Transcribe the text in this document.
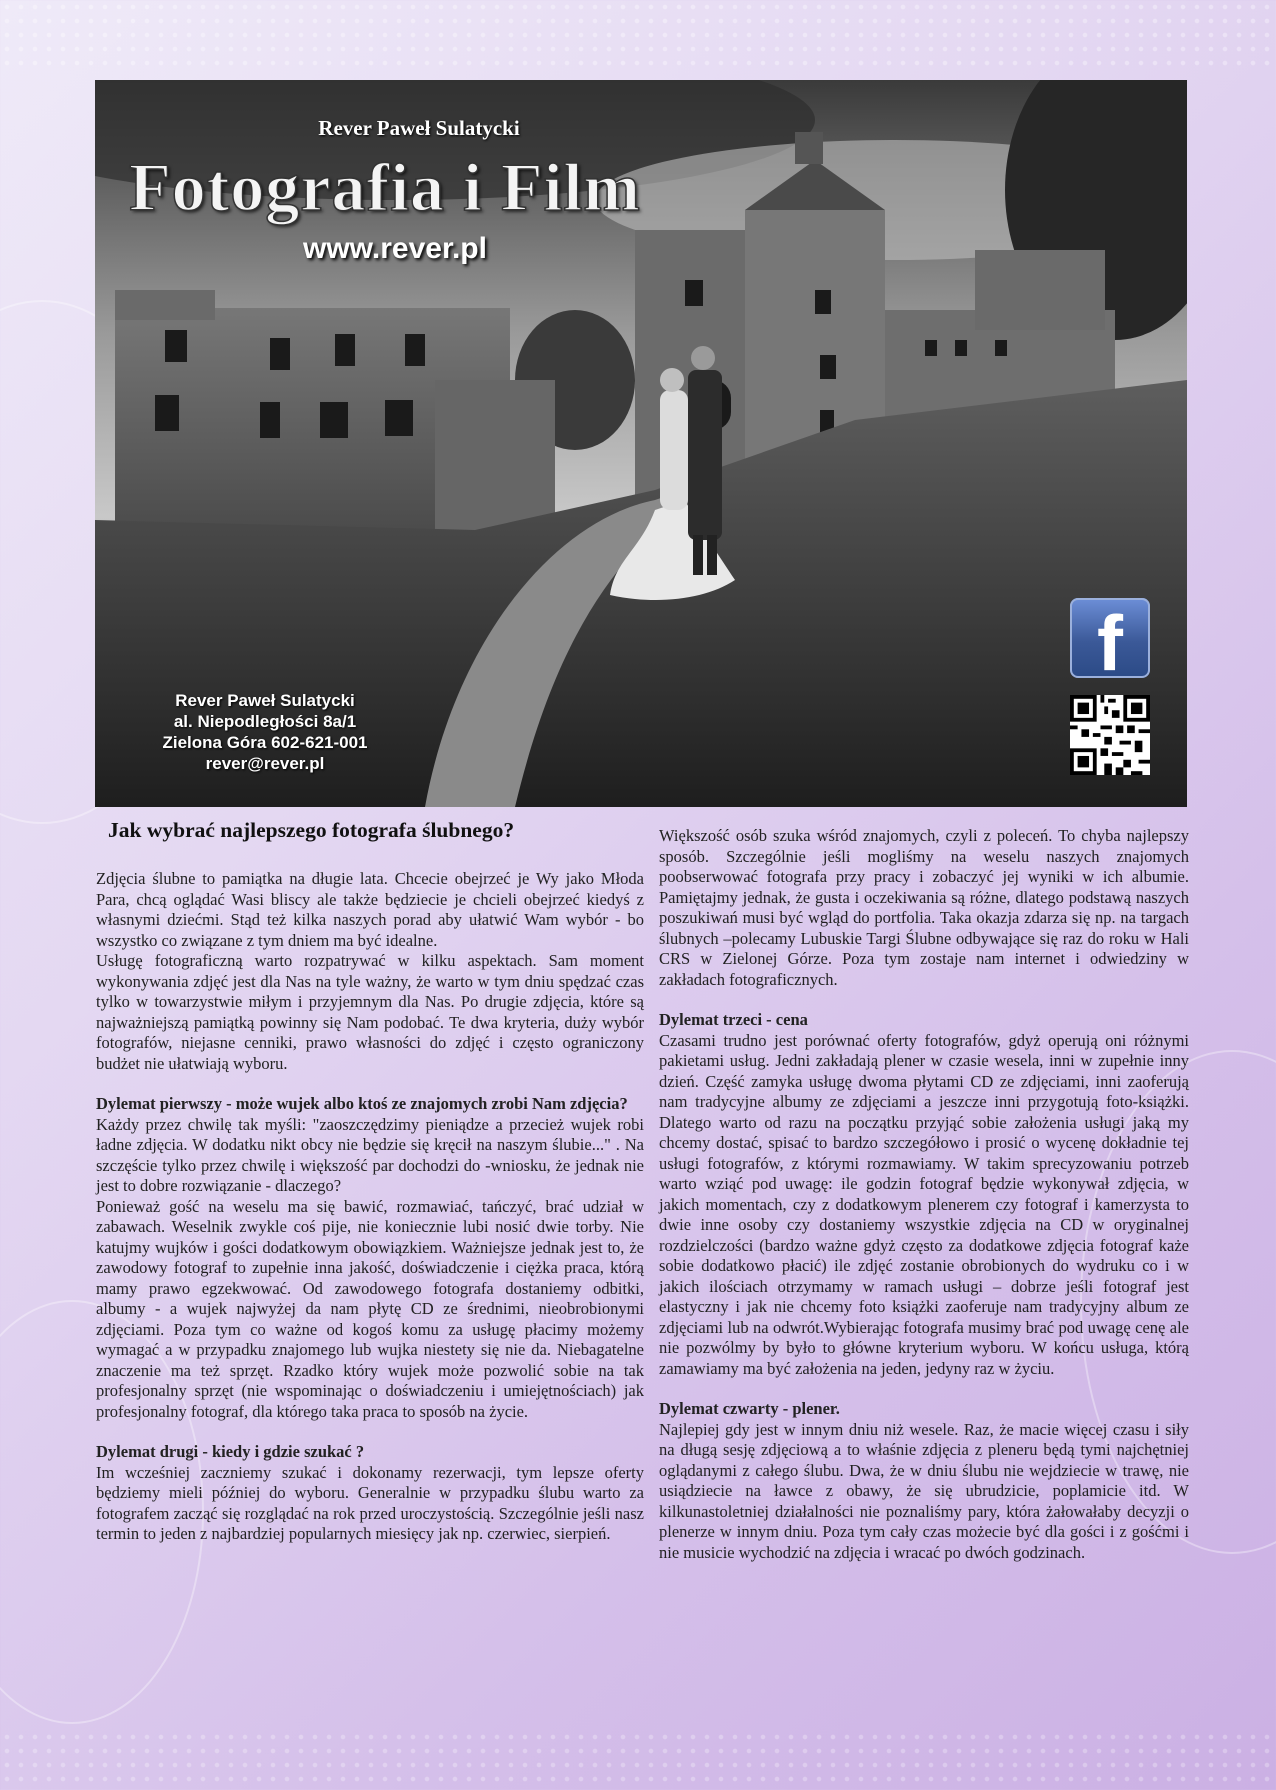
Rever Paweł Sulatycki
Fotografia i Film
www.rever.pl
Rever Paweł Sulatycki
al. Niepodległości 8a/1
Zielona Góra 602-621-001
rever@rever.pl
f
Jak wybrać najlepszego fotografa ślubnego?

Zdjęcia ślubne to pamiątka na długie lata. Chcecie obejrzeć je Wy jako Młoda Para, chcą oglądać Wasi bliscy ale także będziecie je chcieli obejrzeć kiedyś z własnymi dziećmi. Stąd też kilka naszych porad aby ułatwić Wam wybór - bo wszystko co związane z tym dniem ma być idealne.

Usługę fotograficzną warto rozpatrywać w kilku aspektach. Sam moment wykonywania zdjęć jest dla Nas na tyle ważny, że warto w tym dniu spędzać czas tylko w towarzystwie miłym i przyjemnym dla Nas. Po drugie zdjęcia, które są najważniejszą pamiątką powinny się Nam podobać. Te dwa kryteria, duży wybór fotografów, niejasne cenniki, prawo własności do zdjęć i często ograniczony budżet nie ułatwiają wyboru.

Dylemat pierwszy - może wujek albo ktoś ze znajomych zrobi Nam zdjęcia?

Każdy przez chwilę tak myśli: "zaoszczędzimy pieniądze a przecież wujek robi ładne zdjęcia. W dodatku nikt obcy nie będzie się kręcił na naszym ślubie..." . Na szczęście tylko przez chwilę i większość par dochodzi do -wniosku, że jednak nie jest to dobre rozwiązanie - dlaczego?

Ponieważ gość na weselu ma się bawić, rozmawiać, tańczyć, brać udział w zabawach. Weselnik zwykle coś pije, nie koniecznie lubi nosić dwie torby. Nie katujmy wujków i gości dodatkowym obowiązkiem. Ważniejsze jednak jest to, że zawodowy fotograf to zupełnie inna jakość, doświadczenie i ciężka praca, którą mamy prawo egzekwować. Od zawodowego fotografa dostaniemy odbitki, albumy - a wujek najwyżej da nam płytę CD ze średnimi, nieobrobionymi zdjęciami. Poza tym co ważne od kogoś komu za usługę płacimy możemy wymagać a w przypadku znajomego lub wujka niestety się nie da. Niebagatelne znaczenie ma też sprzęt. Rzadko który wujek może pozwolić sobie na tak profesjonalny sprzęt (nie wspominając o doświadczeniu i umiejętnościach) jak profesjonalny fotograf, dla którego taka praca to sposób na życie.

Dylemat drugi - kiedy i gdzie szukać ?

Im wcześniej zaczniemy szukać i dokonamy rezerwacji, tym lepsze oferty będziemy mieli później do wyboru. Generalnie w przypadku ślubu warto za fotografem zacząć się rozglądać na rok przed uroczystością. Szczególnie jeśli nasz termin to jeden z najbardziej popularnych miesięcy jak np. czerwiec, sierpień.

Większość osób szuka wśród znajomych, czyli z poleceń. To chyba najlepszy sposób. Szczególnie jeśli mogliśmy na weselu naszych znajomych poobserwować fotografa przy pracy i zobaczyć jej wyniki w ich albumie. Pamiętajmy jednak, że gusta i oczekiwania są różne, dlatego podstawą naszych poszukiwań musi być wgląd do portfolia. Taka okazja zdarza się np. na targach ślubnych –polecamy Lubuskie Targi Ślubne odbywające się raz do roku w Hali CRS w Zielonej Górze. Poza tym zostaje nam internet i odwiedziny w zakładach fotograficznych.

Dylemat trzeci - cena

Czasami trudno jest porównać oferty fotografów, gdyż operują oni różnymi pakietami usług. Jedni zakładają plener w czasie wesela, inni w zupełnie inny dzień. Część zamyka usługę dwoma płytami CD ze zdjęciami, inni zaoferują nam tradycyjne albumy ze zdjęciami a jeszcze inni przygotują foto-książki. Dlatego warto od razu na początku przyjąć sobie założenia usługi jaką my chcemy dostać, spisać to bardzo szczegółowo i prosić o wycenę dokładnie tej usługi fotografów, z którymi rozmawiamy. W takim sprecyzowaniu potrzeb warto wziąć pod uwagę: ile godzin fotograf będzie wykonywał zdjęcia, w jakich momentach, czy z dodatkowym plenerem czy fotograf i kamerzysta to dwie inne osoby czy dostaniemy wszystkie zdjęcia na CD w oryginalnej rozdzielczości (bardzo ważne gdyż często za dodatkowe zdjęcia fotograf każe sobie dodatkowo płacić) ile zdjęć zostanie obrobionych do wydruku co i w jakich ilościach otrzymamy w ramach usługi – dobrze jeśli fotograf jest elastyczny i jak nie chcemy foto książki zaoferuje nam tradycyjny album ze zdjęciami lub na odwrót.Wybierając fotografa musimy brać pod uwagę cenę ale nie pozwólmy by było to główne kryterium wyboru. W końcu usługa, którą zamawiamy ma być założenia na jeden, jedyny raz w życiu.

Dylemat czwarty - plener.

Najlepiej gdy jest w innym dniu niż wesele. Raz, że macie więcej czasu i siły na długą sesję zdjęciową a to właśnie zdjęcia z pleneru będą tymi najchętniej oglądanymi z całego ślubu. Dwa, że w dniu ślubu nie wejdziecie w trawę, nie usiądziecie na ławce z obawy, że się ubrudzicie, poplamicie itd. W kilkunastoletniej działalności nie poznaliśmy pary, która żałowałaby decyzji o plenerze w innym dniu. Poza tym cały czas możecie być dla gości i z gośćmi i nie musicie wychodzić na zdjęcia i wracać po dwóch godzinach.
